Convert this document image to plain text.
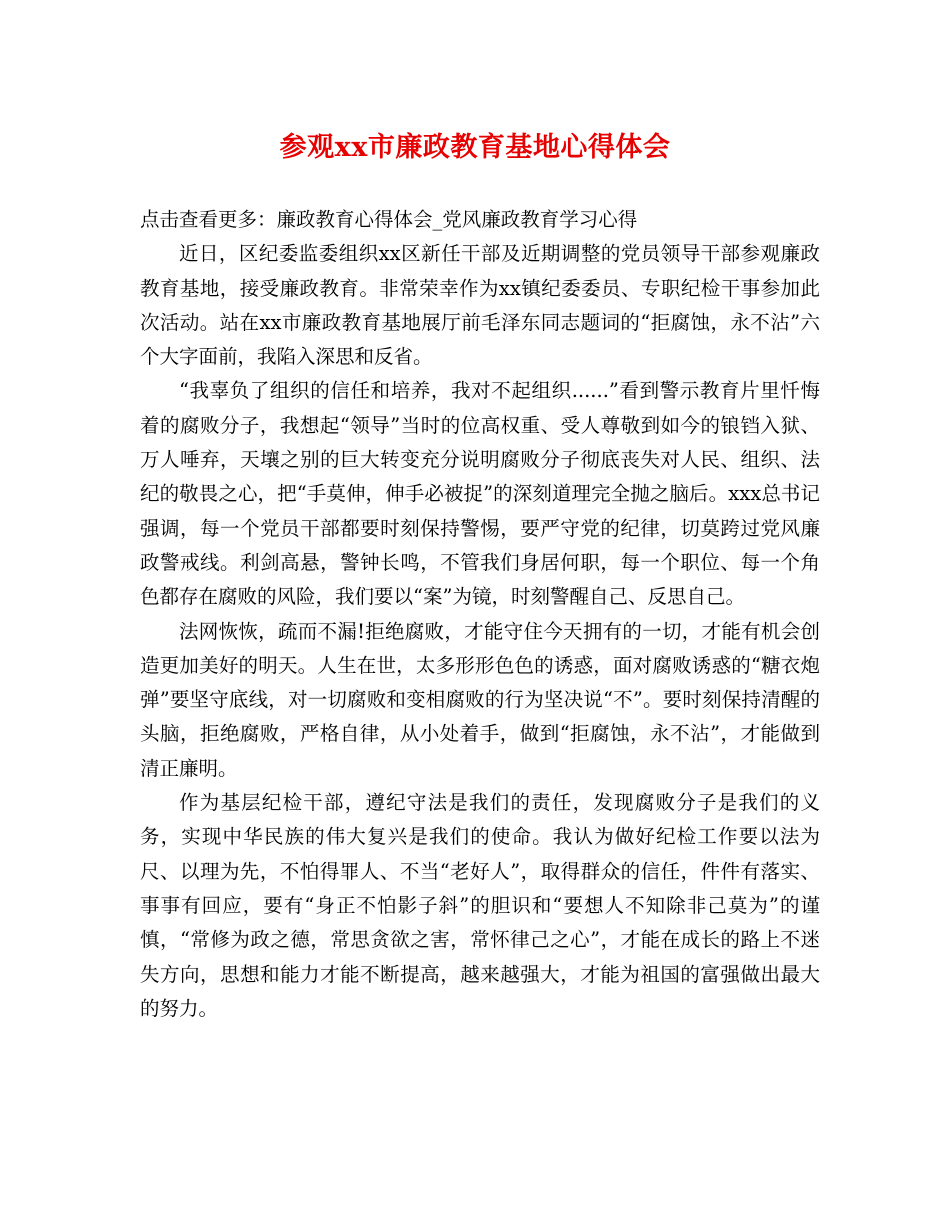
参观xx市廉政教育基地心得体会

点击查看更多：廉政教育心得体会_党风廉政教育学习心得

近日，区纪委监委组织xx区新任干部及近期调整的党员领导干部参观廉政教育基地，接受廉政教育。非常荣幸作为xx镇纪委委员、专职纪检干事参加此次活动。站在xx市廉政教育基地展厅前毛泽东同志题词的“拒腐蚀，永不沾”六个大字面前，我陷入深思和反省。

“我辜负了组织的信任和培养，我对不起组织......”看到警示教育片里忏悔着的腐败分子，我想起“领导”当时的位高权重、受人尊敬到如今的锒铛入狱、万人唾弃，天壤之别的巨大转变充分说明腐败分子彻底丧失对人民、组织、法纪的敬畏之心，把“手莫伸，伸手必被捉”的深刻道理完全抛之脑后。xxx总书记强调，每一个党员干部都要时刻保持警惕，要严守党的纪律，切莫跨过党风廉政警戒线。利剑高悬，警钟长鸣，不管我们身居何职，每一个职位、每一个角色都存在腐败的风险，我们要以“案”为镜，时刻警醒自己、反思自己。

法网恢恢，疏而不漏!拒绝腐败，才能守住今天拥有的一切，才能有机会创造更加美好的明天。人生在世，太多形形色色的诱惑，面对腐败诱惑的“糖衣炮弹”要坚守底线，对一切腐败和变相腐败的行为坚决说“不”。要时刻保持清醒的头脑，拒绝腐败，严格自律，从小处着手，做到“拒腐蚀，永不沾”，才能做到清正廉明。

作为基层纪检干部，遵纪守法是我们的责任，发现腐败分子是我们的义务，实现中华民族的伟大复兴是我们的使命。我认为做好纪检工作要以法为尺、以理为先，不怕得罪人、不当“老好人”，取得群众的信任，件件有落实、事事有回应，要有“身正不怕影子斜”的胆识和“要想人不知除非己莫为”的谨慎，“常修为政之德，常思贪欲之害，常怀律己之心”，才能在成长的路上不迷失方向，思想和能力才能不断提高，越来越强大，才能为祖国的富强做出最大的努力。
